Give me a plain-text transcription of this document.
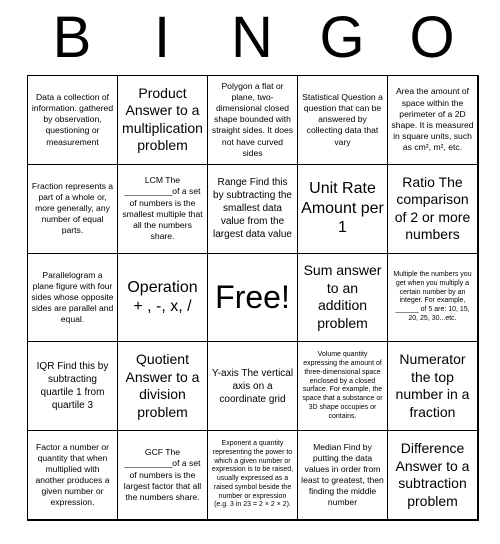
B	I	N G O
Data a collection of information. gathered by observation, questioning or measurement
Product Answer to a multiplication problem
Polygon a flat or plane, two-dimensional closed shape bounded with straight sides. It does not have curved sides
Statistical Question a question that can be answered by collecting data that vary
Area the amount of space within the perimeter of a 2D shape. It is measured in square units, such as cm², m², etc.
Fraction represents a part of a whole or, more generally, any number of equal parts.
LCM The __________of a set of numbers is the smallest multiple that all the numbers share.
Range Find this by subtracting the smallest data value from the largest data value
Unit Rate Amount per 1
Ratio The comparison of 2 or more numbers
Parallelogram a plane figure with four sides whose opposite sides are parallel and equal.
Operation + , -, x, / Free!
Sum answer to an addition problem
Multiple the numbers you get when you multiply a certain number by an integer. For example, ______ of 5 are: 10, 15, 20, 25, 30...etc.
IQR Find this by subtracting quartile 1 from quartile 3
Quotient Answer to a division problem
Y-axis The vertical axis on a coordinate grid
Volume quantity expressing the amount of three-dimensional space enclosed by a closed surface. For example, the space that a substance or 3D shape occupies or contains.
Numerator the top number in a fraction
Factor a number or quantity that when multiplied with another produces a given number or expression.
GCF The __________of a set of numbers is the largest factor that all the numbers share.
Exponent a quantity representing the power to which a given number or expression is to be raised, usually expressed as a raised symbol beside the number or expression (e.g. 3 in 23 = 2 × 2 × 2).
Median Find by putting the data values in order from least to greatest, then finding the middle number
Difference Answer to a subtraction problem
